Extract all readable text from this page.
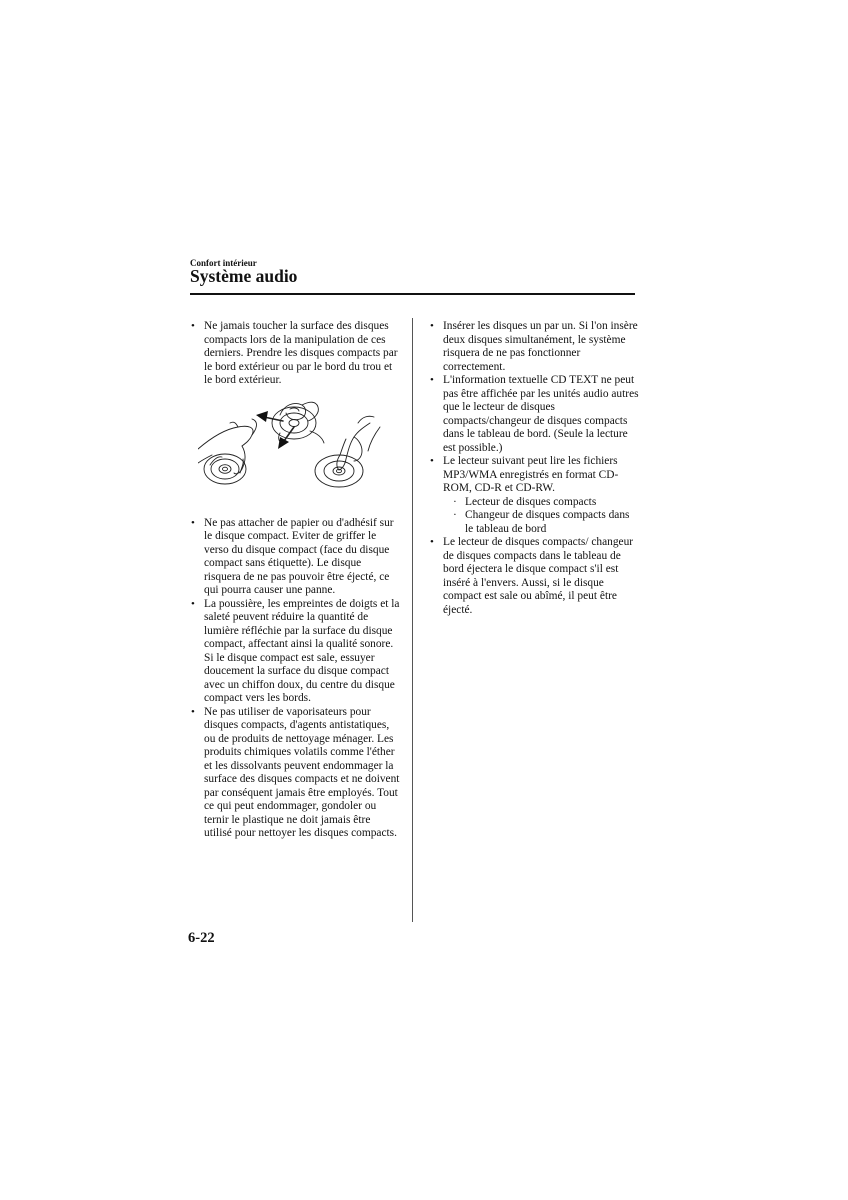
Confort intérieur
Système audio
• Ne jamais toucher la surface des disques compacts lors de la manipulation de ces derniers. Prendre les disques compacts par le bord extérieur ou par le bord du trou et le bord extérieur.
• Ne pas attacher de papier ou d'adhésif sur le disque compact. Eviter de griffer le verso du disque compact (face du disque compact sans étiquette). Le disque risquera de ne pas pouvoir être éjecté, ce qui pourra causer une panne.
• La poussière, les empreintes de doigts et la saleté peuvent réduire la quantité de lumière réfléchie par la surface du disque compact, affectant ainsi la qualité sonore. Si le disque compact est sale, essuyer doucement la surface du disque compact avec un chiffon doux, du centre du disque compact vers les bords.
• Ne pas utiliser de vaporisateurs pour disques compacts, d'agents antistatiques, ou de produits de nettoyage ménager. Les produits chimiques volatils comme l'éther et les dissolvants peuvent endommager la surface des disques compacts et ne doivent par conséquent jamais être employés. Tout ce qui peut endommager, gondoler ou ternir le plastique ne doit jamais être utilisé pour nettoyer les disques compacts.
• Insérer les disques un par un. Si l'on insère deux disques simultanément, le système risquera de ne pas fonctionner correctement.
• L'information textuelle CD TEXT ne peut pas être affichée par les unités audio autres que le lecteur de disques compacts/changeur de disques compacts dans le tableau de bord. (Seule la lecture est possible.)
• Le lecteur suivant peut lire les fichiers MP3/WMA enregistrés en format CD-ROM, CD-R et CD-RW.
· Lecteur de disques compacts
· Changeur de disques compacts dans le tableau de bord
• Le lecteur de disques compacts/ changeur de disques compacts dans le tableau de bord éjectera le disque compact s'il est inséré à l'envers. Aussi, si le disque compact est sale ou abîmé, il peut être éjecté.
6-22
